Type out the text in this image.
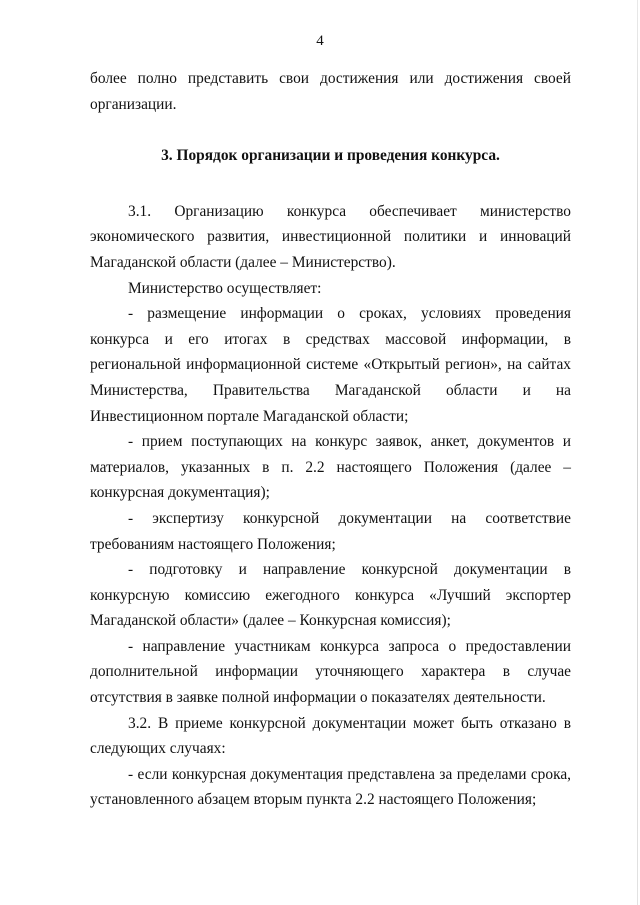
4

более полно представить свои достижения или достижения своей организации.

3. Порядок организации и проведения конкурса.

3.1. Организацию конкурса обеспечивает министерство экономического развития, инвестиционной политики и инноваций Магаданской области (далее – Министерство).

Министерство осуществляет:

- размещение информации о сроках, условиях проведения конкурса и его итогах в средствах массовой информации, в региональной информационной системе «Открытый регион», на сайтах Министерства, Правительства Магаданской области и на Инвестиционном портале Магаданской области;

- прием поступающих на конкурс заявок, анкет, документов и материалов, указанных в п. 2.2 настоящего Положения (далее – конкурсная документация);

- экспертизу конкурсной документации на соответствие требованиям настоящего Положения;

- подготовку и направление конкурсной документации в конкурсную комиссию ежегодного конкурса «Лучший экспортер Магаданской области» (далее – Конкурсная комиссия);

- направление участникам конкурса запроса о предоставлении дополнительной информации уточняющего характера в случае отсутствия в заявке полной информации о показателях деятельности.

3.2. В приеме конкурсной документации может быть отказано в следующих случаях:

- если конкурсная документация представлена за пределами срока, установленного абзацем вторым пункта 2.2 настоящего Положения;
